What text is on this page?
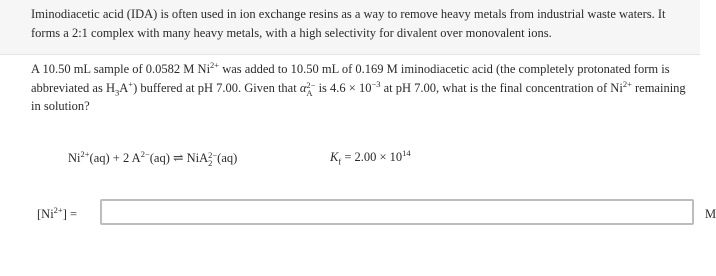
Iminodiacetic acid (IDA) is often used in ion exchange resins as a way to remove heavy metals from industrial waste waters. It forms a 2:1 complex with many heavy metals, with a high selectivity for divalent over monovalent ions.

A 10.50 mL sample of 0.0582 M $Ni^{2+}$ was added to 10.50 mL of 0.169 M iminodiacetic acid (the completely protonated form is abbreviated as $H_3A^+$) buffered at pH 7.00. Given that α 2−
A is $4.6 \times 10^{-3}$ at pH 7.00, what is the final concentration of $Ni^{2+}$ remaining in solution?

$Ni^{2+}(aq) + 2$ $A^{2-}(aq)$ ⇌ NiA 2−
2 (aq)	$K_f = 2.00 \times 10^{14}$
$[Ni^{2+}]$ =	M
